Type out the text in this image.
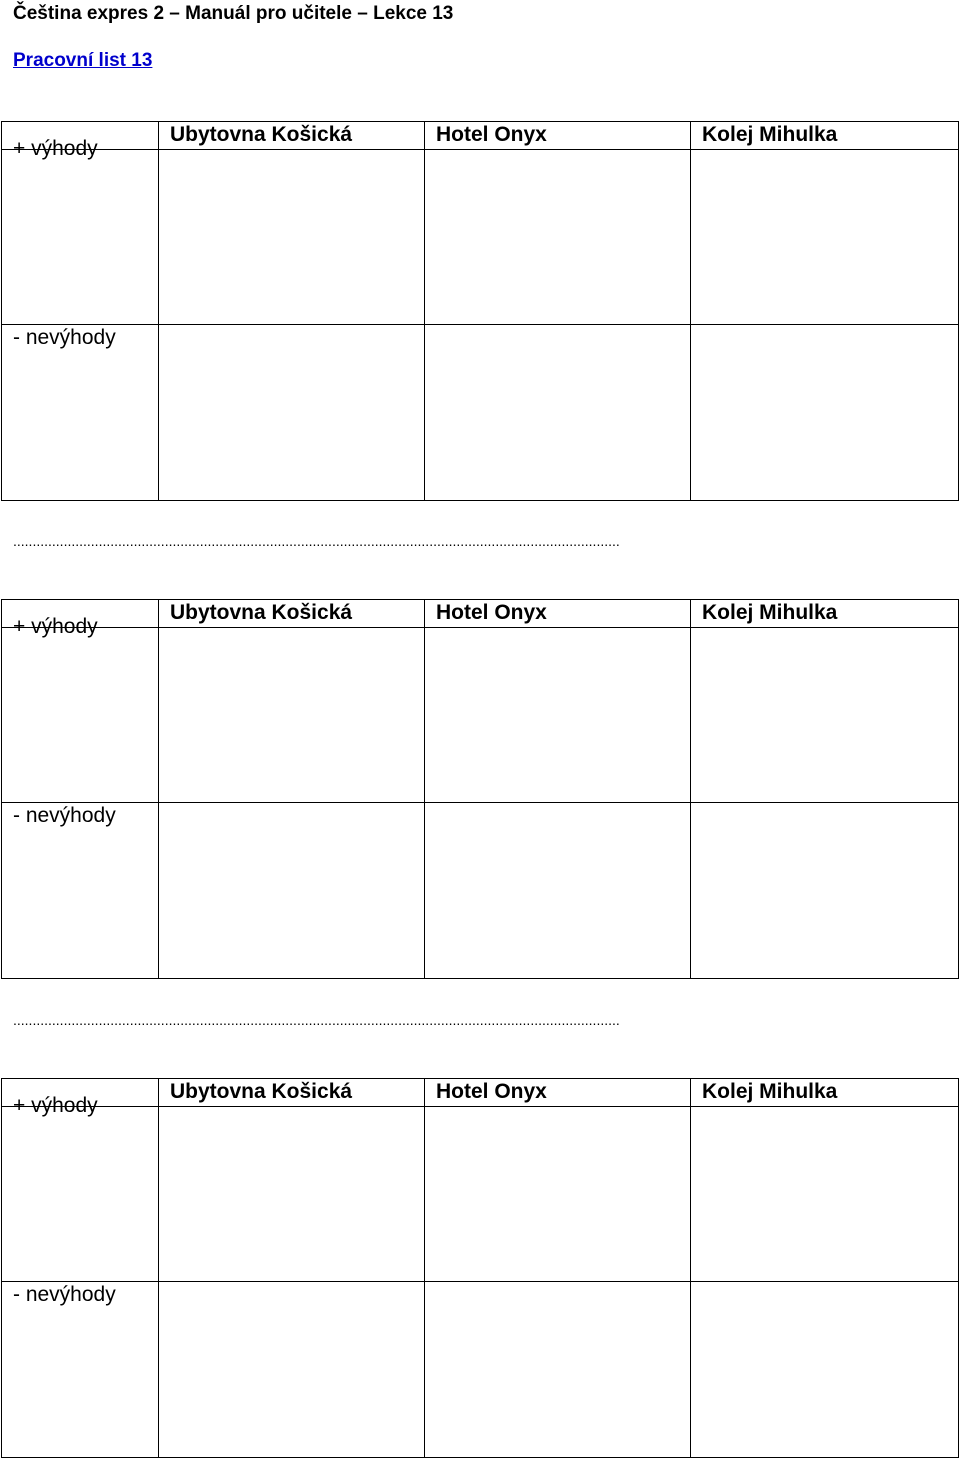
Čeština expres 2 – Manuál pro učitele – Lekce 13
Pracovní list 13
	Ubytovna Košická	Hotel Onyx	Kolej Mihulka
+ výhody			

- nevýhody			

............................................................................................................................................................
	Ubytovna Košická	Hotel Onyx	Kolej Mihulka
+ výhody			

- nevýhody			

............................................................................................................................................................
	Ubytovna Košická	Hotel Onyx	Kolej Mihulka
+ výhody			

- nevýhody			
